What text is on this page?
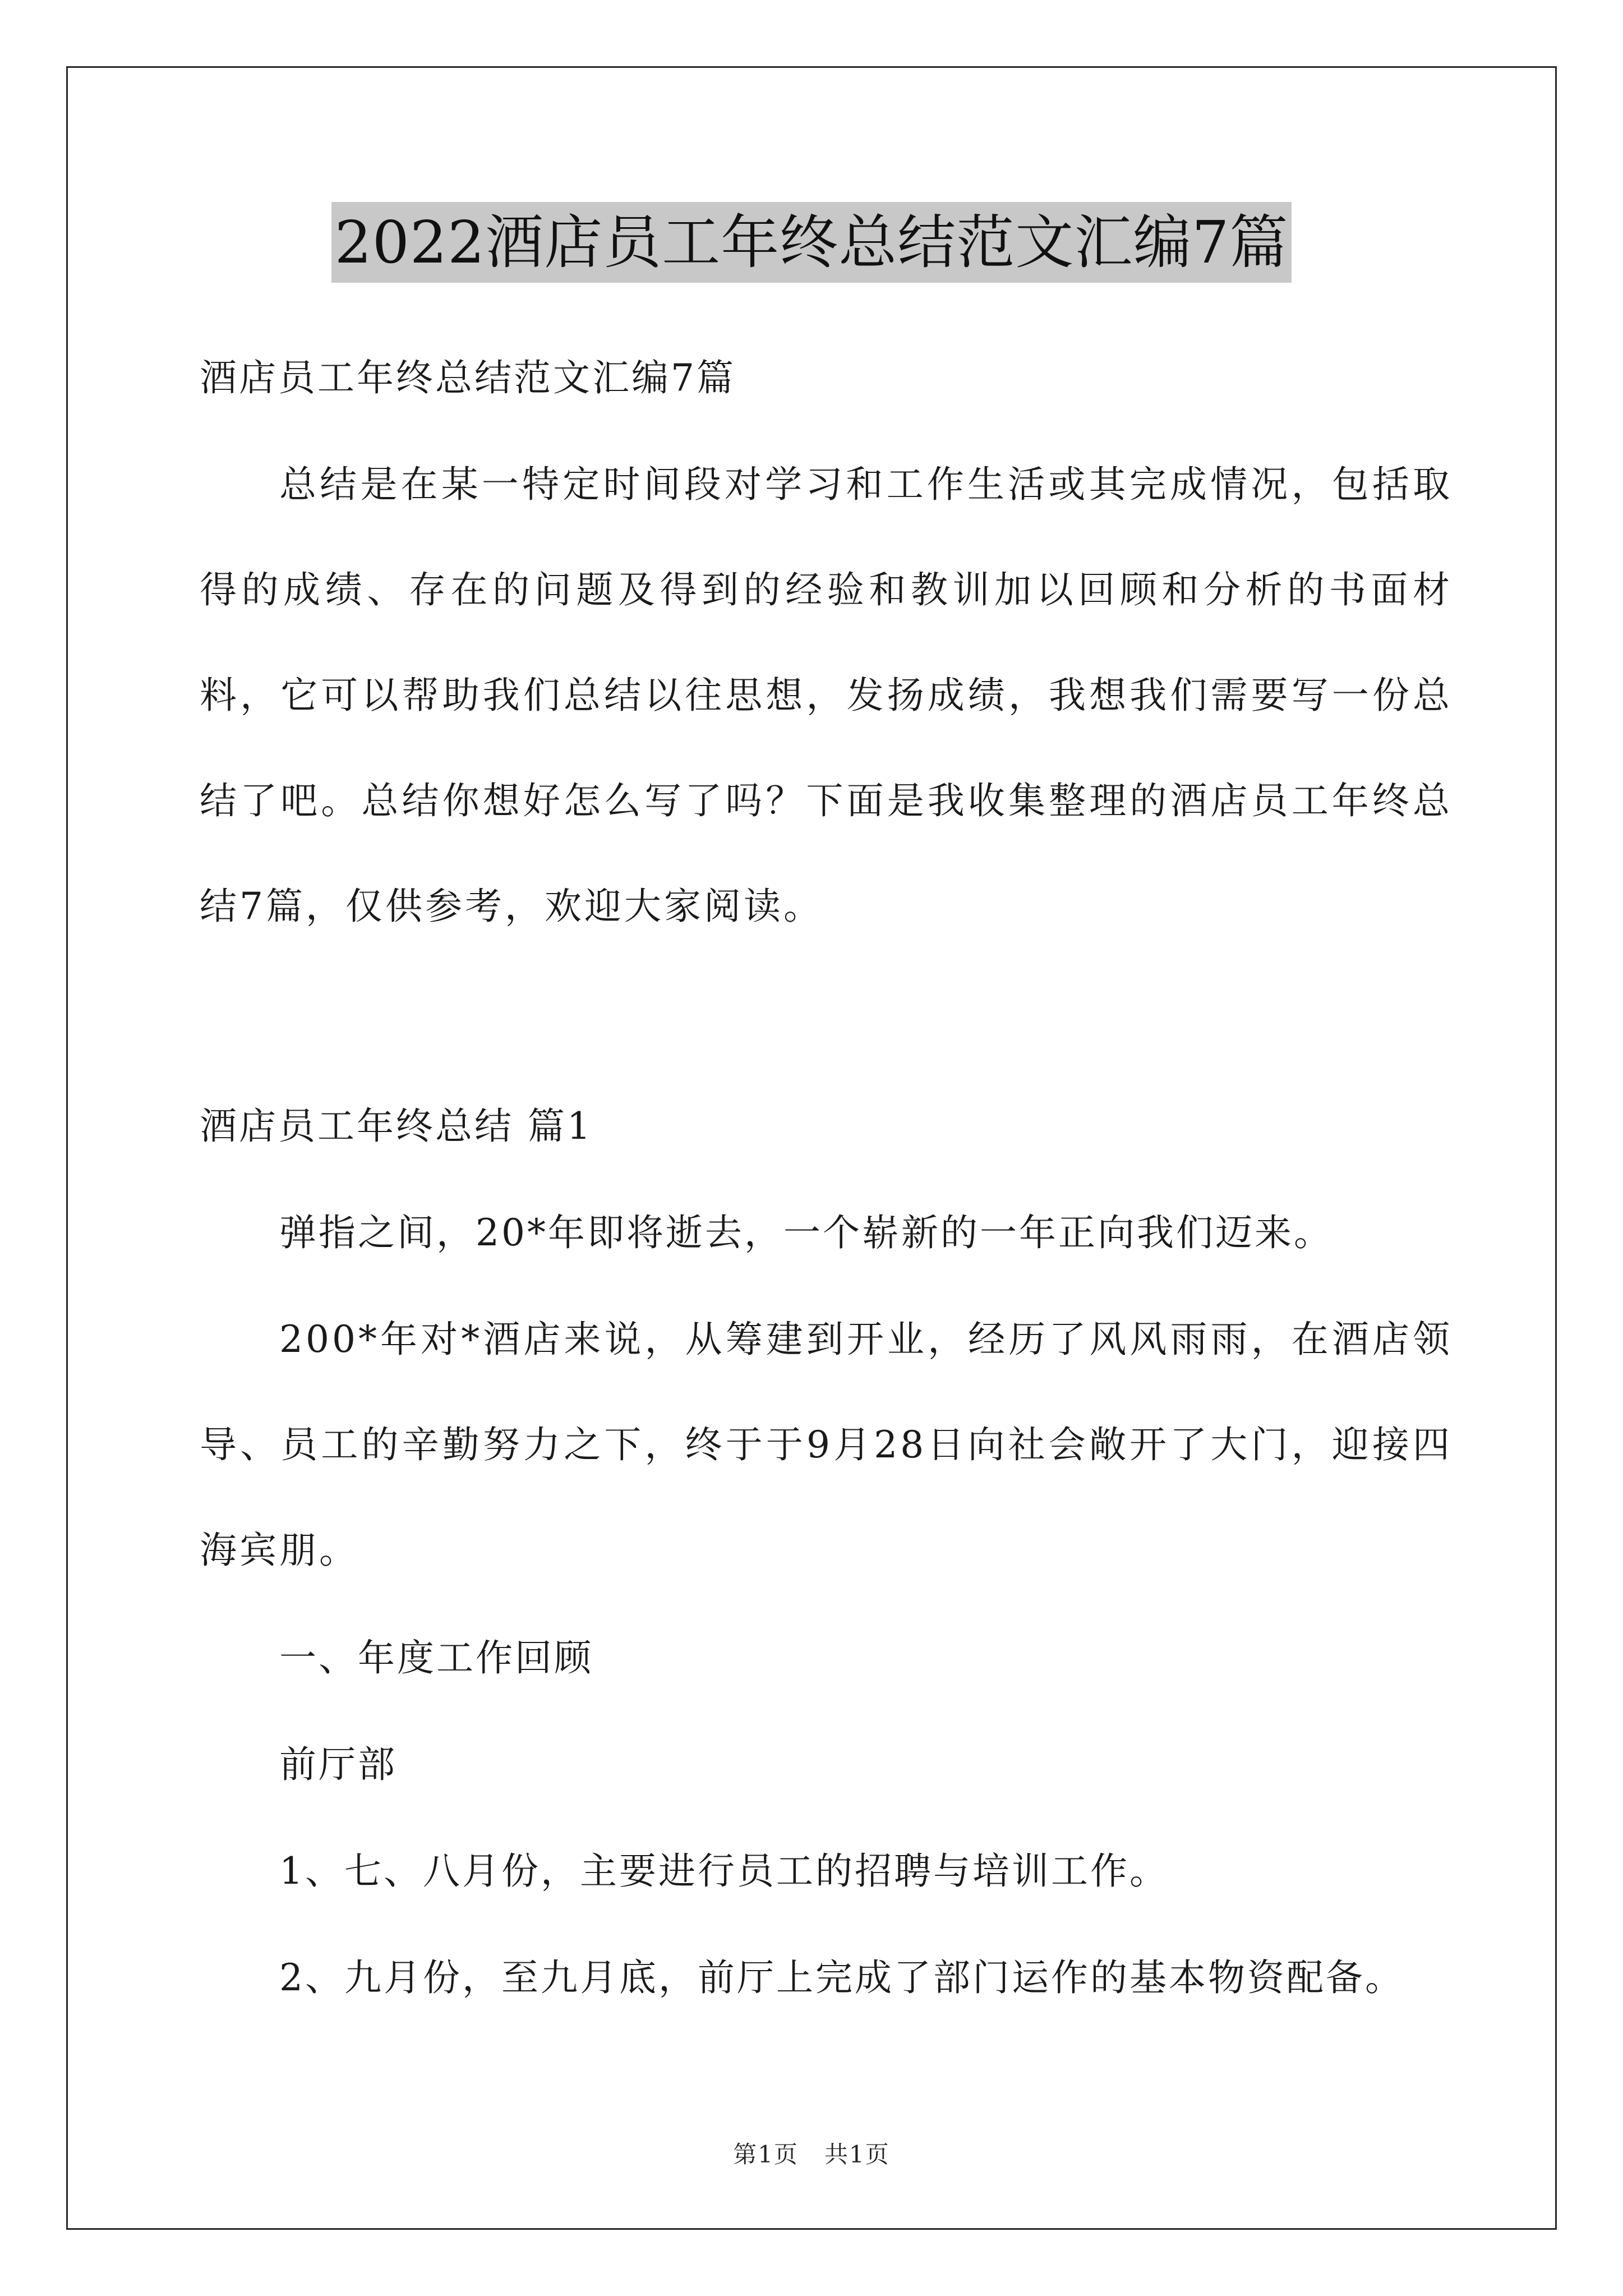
2022酒店员工年终总结范文汇编7篇
酒店员工年终总结范文汇编7篇
总结是在某一特定时间段对学习和工作生活或其完成情况，包括取得的成绩、存在的问题及得到的经验和教训加以回顾和分析的书面材料，它可以帮助我们总结以往思想，发扬成绩，我想我们需要写一份总结了吧。总结你想好怎么写了吗？下面是我收集整理的酒店员工年终总结7篇，仅供参考，欢迎大家阅读。
酒店员工年终总结 篇1
弹指之间，20*年即将逝去，一个崭新的一年正向我们迈来。
200*年对*酒店来说，从筹建到开业，经历了风风雨雨，在酒店领导、员工的辛勤努力之下，终于于9月28日向社会敞开了大门，迎接四海宾朋。
一、年度工作回顾
前厅部
1、七、八月份，主要进行员工的招聘与培训工作。
2、九月份，至九月底，前厅上完成了部门运作的基本物资配备。
第1页 共1页
